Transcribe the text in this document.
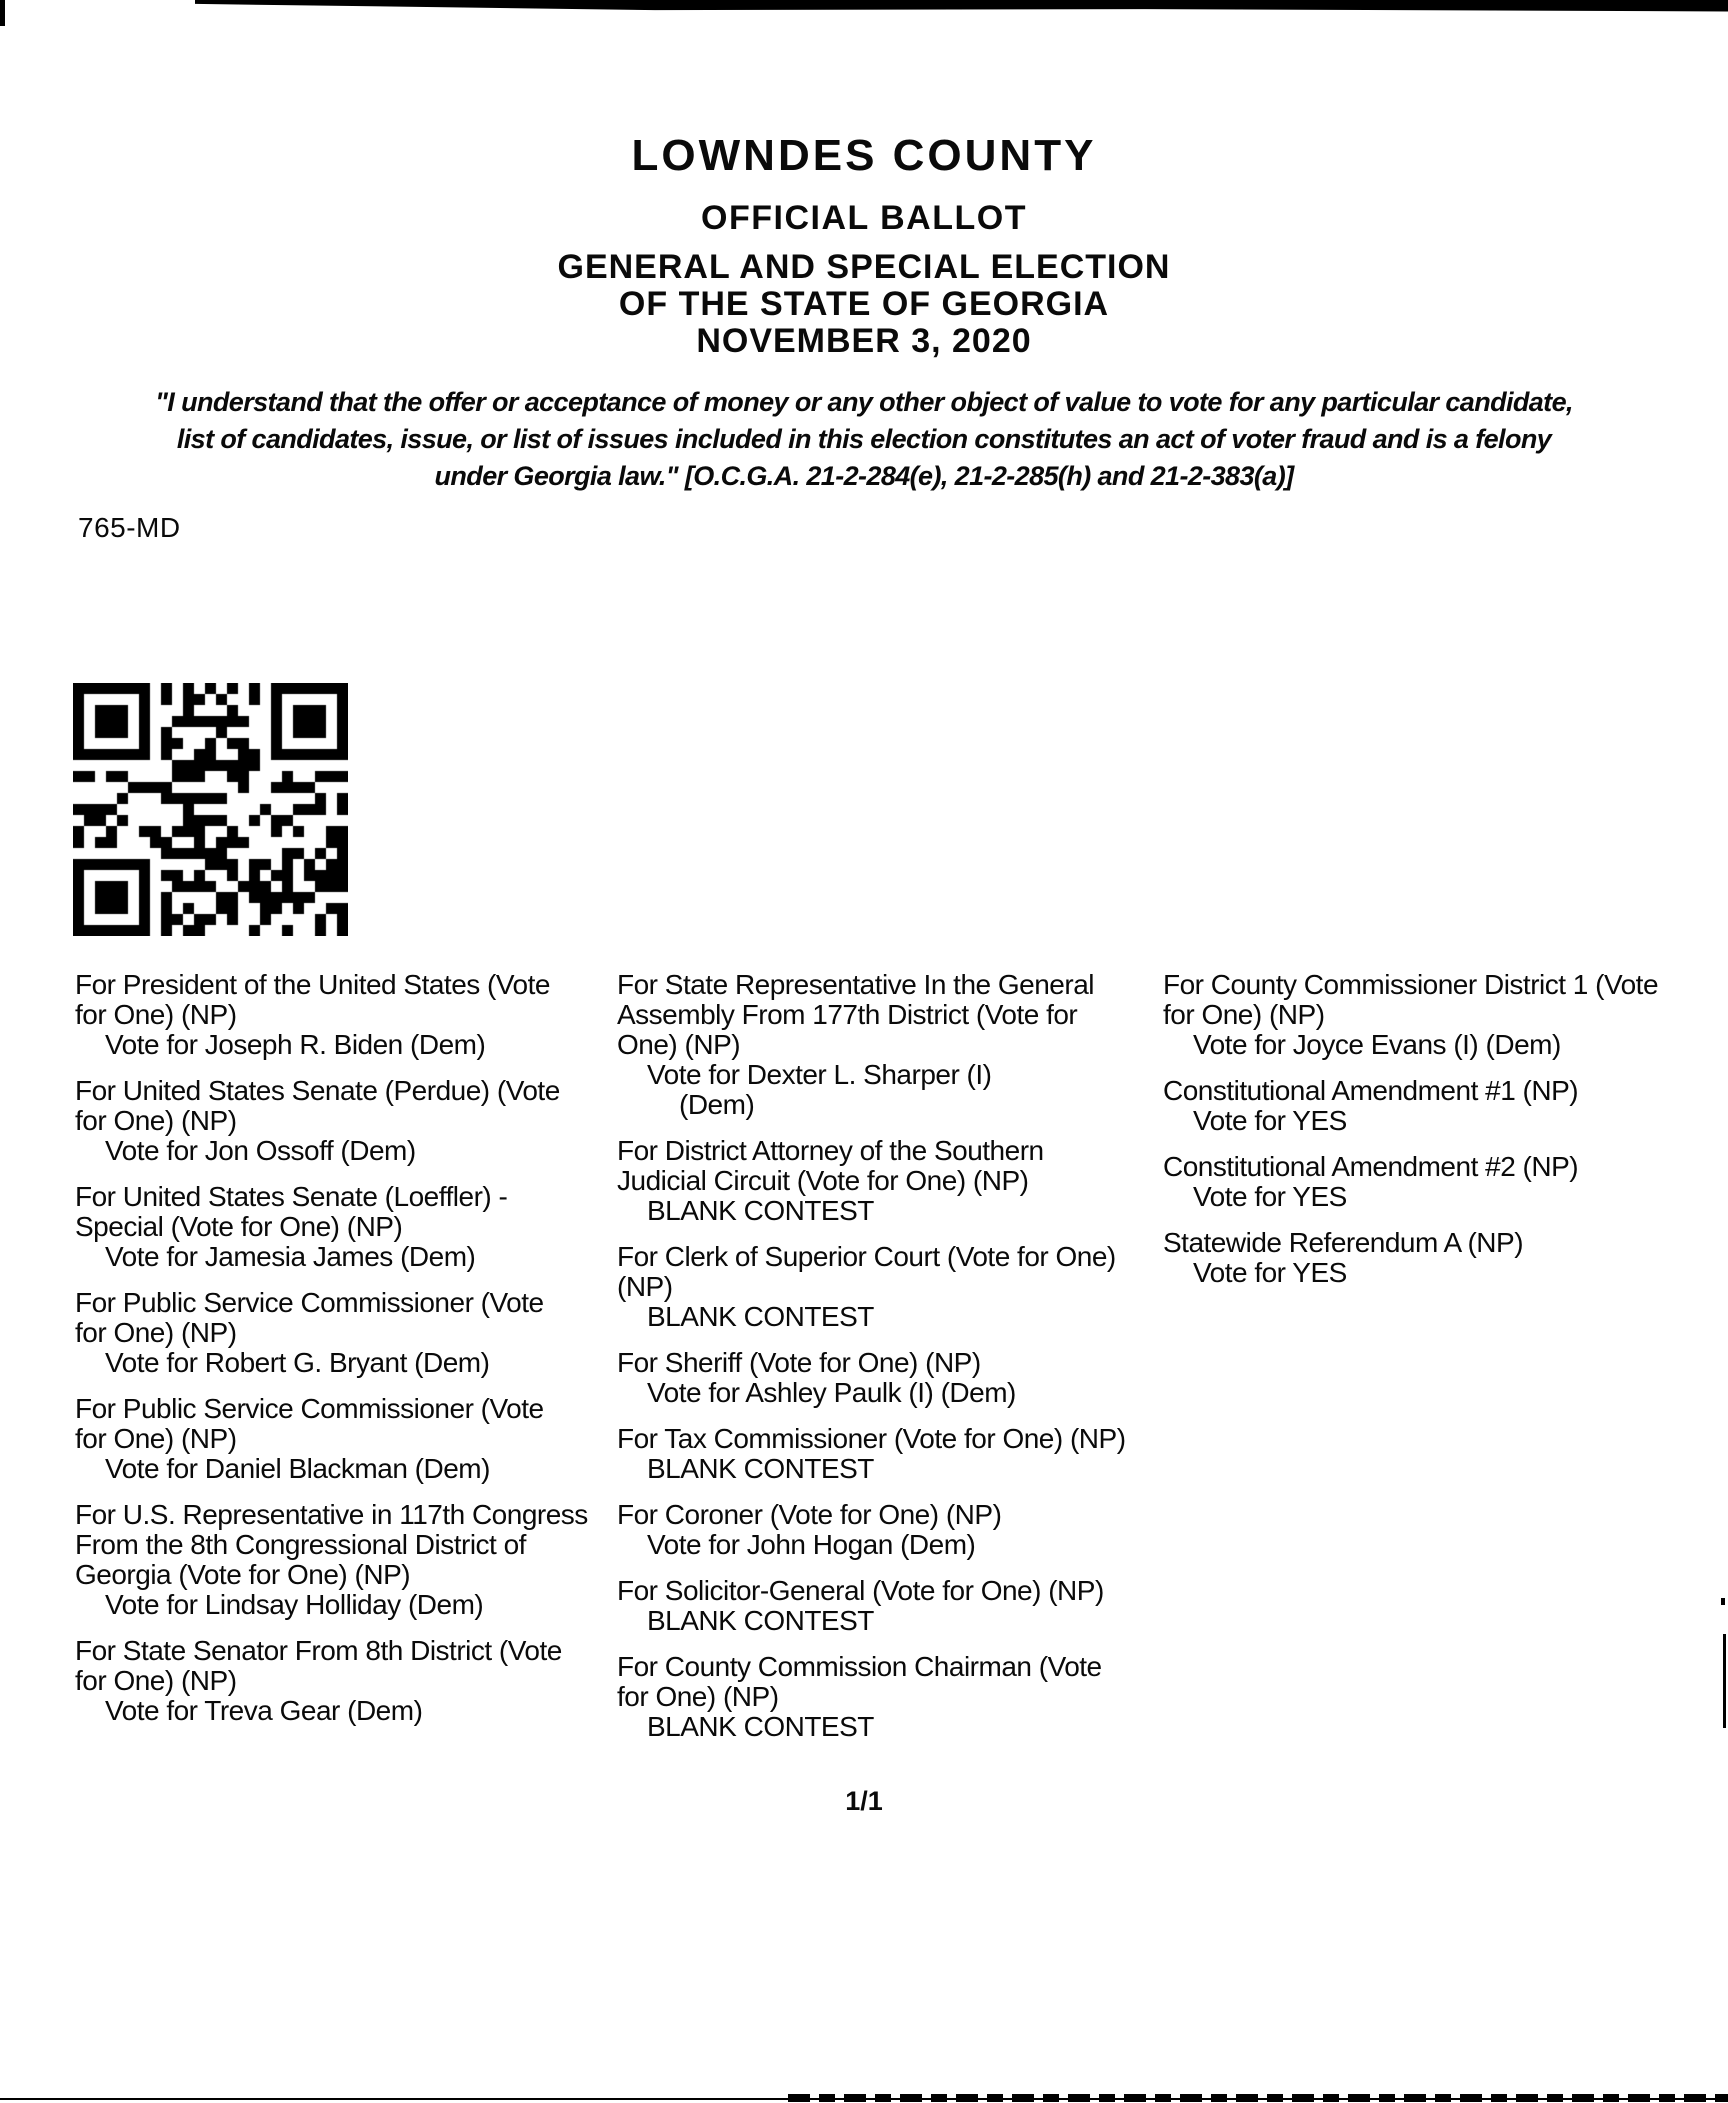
LOWNDES COUNTY
OFFICIAL BALLOT
GENERAL AND SPECIAL ELECTION
OF THE STATE OF GEORGIA
NOVEMBER 3, 2020
"I understand that the offer or acceptance of money or any other object of value to vote for any particular candidate,
list of candidates, issue, or list of issues included in this election constitutes an act of voter fraud and is a felony
under Georgia law." [O.C.G.A. 21-2-284(e), 21-2-285(h) and 21-2-383(a)]
765-MD
For President of the United States (Vote
for One) (NP)
Vote for Joseph R. Biden (Dem)
For United States Senate (Perdue) (Vote
for One) (NP)
Vote for Jon Ossoff (Dem)
For United States Senate (Loeffler) -
Special (Vote for One) (NP)
Vote for Jamesia James (Dem)
For Public Service Commissioner (Vote
for One) (NP)
Vote for Robert G. Bryant (Dem)
For Public Service Commissioner (Vote
for One) (NP)
Vote for Daniel Blackman (Dem)
For U.S. Representative in 117th Congress
From the 8th Congressional District of
Georgia (Vote for One) (NP)
Vote for Lindsay Holliday (Dem)
For State Senator From 8th District (Vote
for One) (NP)
Vote for Treva Gear (Dem)
For State Representative In the General
Assembly From 177th District (Vote for
One) (NP)
Vote for Dexter L. Sharper (I)
(Dem)
For District Attorney of the Southern
Judicial Circuit (Vote for One) (NP)
BLANK CONTEST
For Clerk of Superior Court (Vote for One)
(NP)
BLANK CONTEST
For Sheriff (Vote for One) (NP)
Vote for Ashley Paulk (I) (Dem)
For Tax Commissioner (Vote for One) (NP)
BLANK CONTEST
For Coroner (Vote for One) (NP)
Vote for John Hogan (Dem)
For Solicitor-General (Vote for One) (NP)
BLANK CONTEST
For County Commission Chairman (Vote
for One) (NP)
BLANK CONTEST
For County Commissioner District 1 (Vote
for One) (NP)
Vote for Joyce Evans (I) (Dem)
Constitutional Amendment #1 (NP)
Vote for YES
Constitutional Amendment #2 (NP)
Vote for YES
Statewide Referendum A (NP)
Vote for YES
1/1
